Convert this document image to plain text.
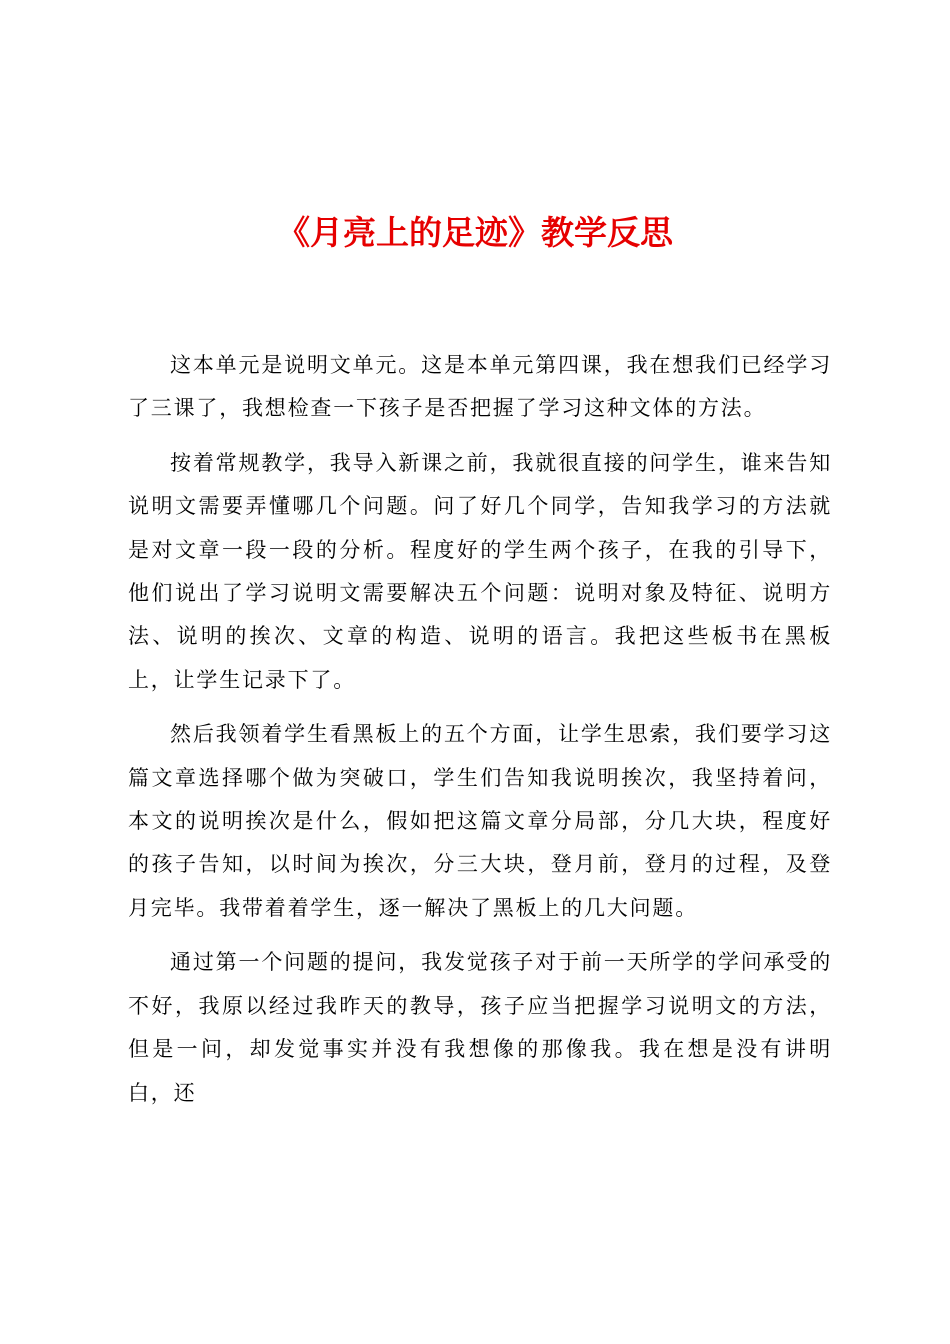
《月亮上的足迹》教学反思

这本单元是说明文单元。这是本单元第四课，我在想我们已经学习了三课了，我想检查一下孩子是否把握了学习这种文体的方法。

按着常规教学，我导入新课之前，我就很直接的问学生，谁来告知说明文需要弄懂哪几个问题。问了好几个同学，告知我学习的方法就是对文章一段一段的分析。程度好的学生两个孩子，在我的引导下，他们说出了学习说明文需要解决五个问题：说明对象及特征、说明方法、说明的挨次、文章的构造、说明的语言。我把这些板书在黑板上，让学生记录下了。

然后我领着学生看黑板上的五个方面，让学生思索，我们要学习这篇文章选择哪个做为突破口，学生们告知我说明挨次，我坚持着问，本文的说明挨次是什么，假如把这篇文章分局部，分几大块，程度好的孩子告知，以时间为挨次，分三大块，登月前，登月的过程，及登月完毕。我带着着学生，逐一解决了黑板上的几大问题。

通过第一个问题的提问，我发觉孩子对于前一天所学的学问承受的不好，我原以经过我昨天的教导，孩子应当把握学习说明文的方法，但是一问，却发觉事实并没有我想像的那像我。我在想是没有讲明白，还
